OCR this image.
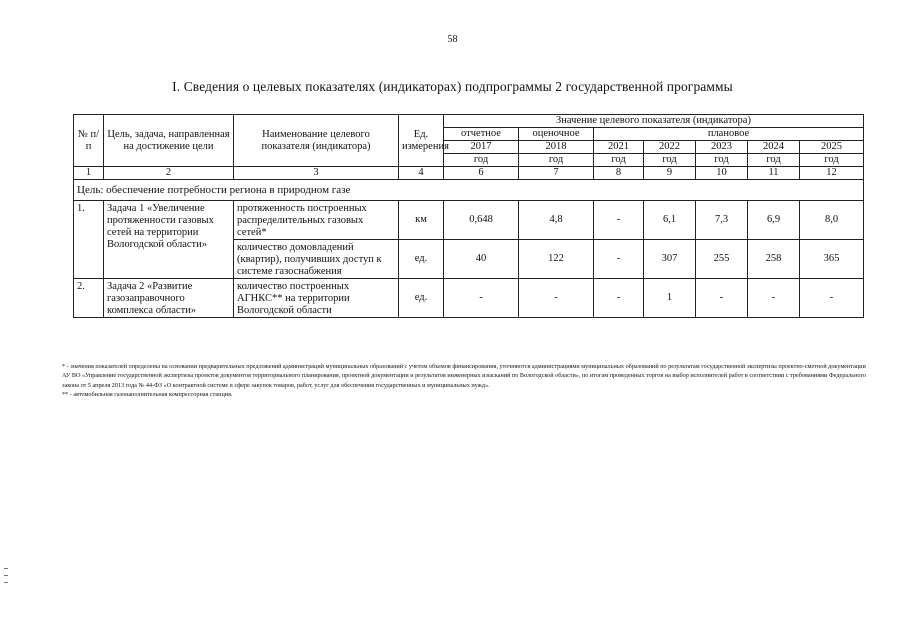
58
I. Сведения о целевых показателях (индикаторах) подпрограммы 2 государственной программы
№ п/п	Цель, задача, направленная на достижение цели	Наименование целевого показателя (индикатора)	Ед. измерения	Значение целевого показателя (индикатора)						
				отчетное	оценочное	плановое				
				2017	2018	2021	2022	2023	2024	2025
				год	год	год	год	год	год	год
1	2	3	4	6	7	8	9	10	11	12
Цель: обеспечение потребности региона в природном газе										
1.	Задача 1 «Увеличение протяженности газовых сетей на территории Вологодской области»	протяженность построенных распределительных газовых сетей*	км	0,648	4,8	-	6,1	7,3	6,9	8,0
		количество домовладений (квартир), получивших доступ к системе газоснабжения	ед.	40	122	-	307	255	258	365
2.	Задача 2 «Развитие газозаправочного комплекса области»	количество построенных АГНКС** на территории Вологодской области	ед.	-	-	-	1	-	-	-

* - значения показателей определены на основании предварительных предложений администраций муниципальных образований с учетом объемов финансирования, уточняются администрациями муниципальных образований по результатам государственной экспертизы проектно-сметной документации АУ ВО «Управление государственной экспертизы проектов документов территориального планирования, проектной документации и результатов инженерных изысканий по Вологодской области», по итогам проведенных торгов на выбор исполнителей работ в соответствии с требованиями Федерального закона от 5 апреля 2013 года № 44-ФЗ «О контрактной системе в сфере закупок товаров, работ, услуг для обеспечения государственных и муниципальных нужд».

** - автомобильная газонаполнительная компрессорная станция.
